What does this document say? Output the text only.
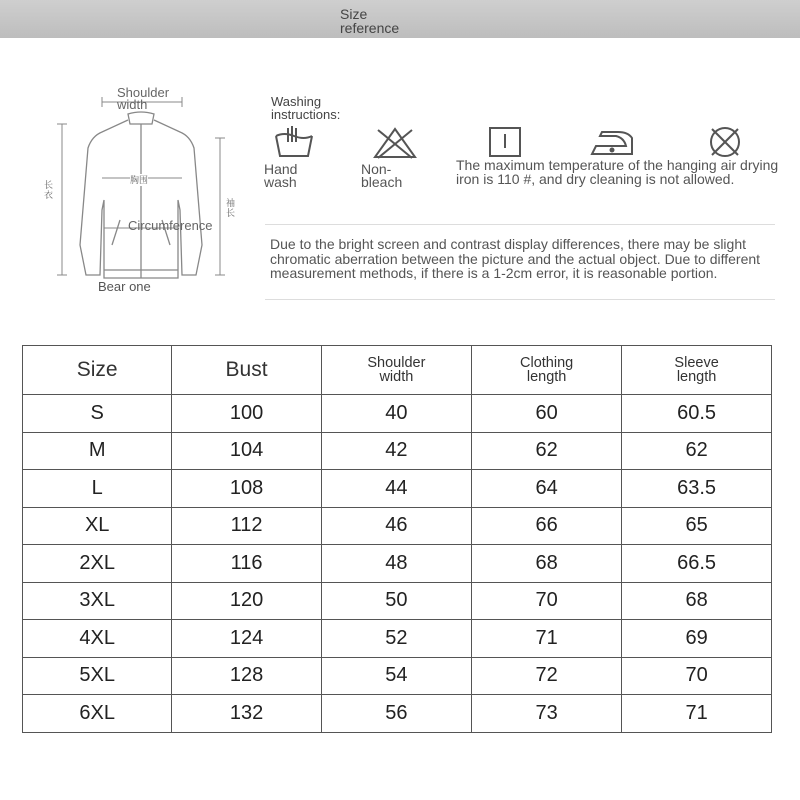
Size reference
Shoulder width
胸围
长衣
袖长
Circumference
Bear one
Washing instructions:
Hand wash
Non-bleach
The maximum temperature of the hanging air drying iron is 110 #, and dry cleaning is not allowed.
Due to the bright screen and contrast display differences, there may be slight chromatic aberration between the picture and the actual object. Due to different measurement methods, if there is a 1-2cm error, it is reasonable portion.
Size	Bust	Shoulder width	Clothing length	Sleeve length

S	100	40	60	60.5
M	104	42	62	62
L	108	44	64	63.5
XL	112	46	66	65
2XL	116	48	68	66.5
3XL	120	50	70	68
4XL	124	52	71	69
5XL	128	54	72	70
6XL	132	56	73	71
